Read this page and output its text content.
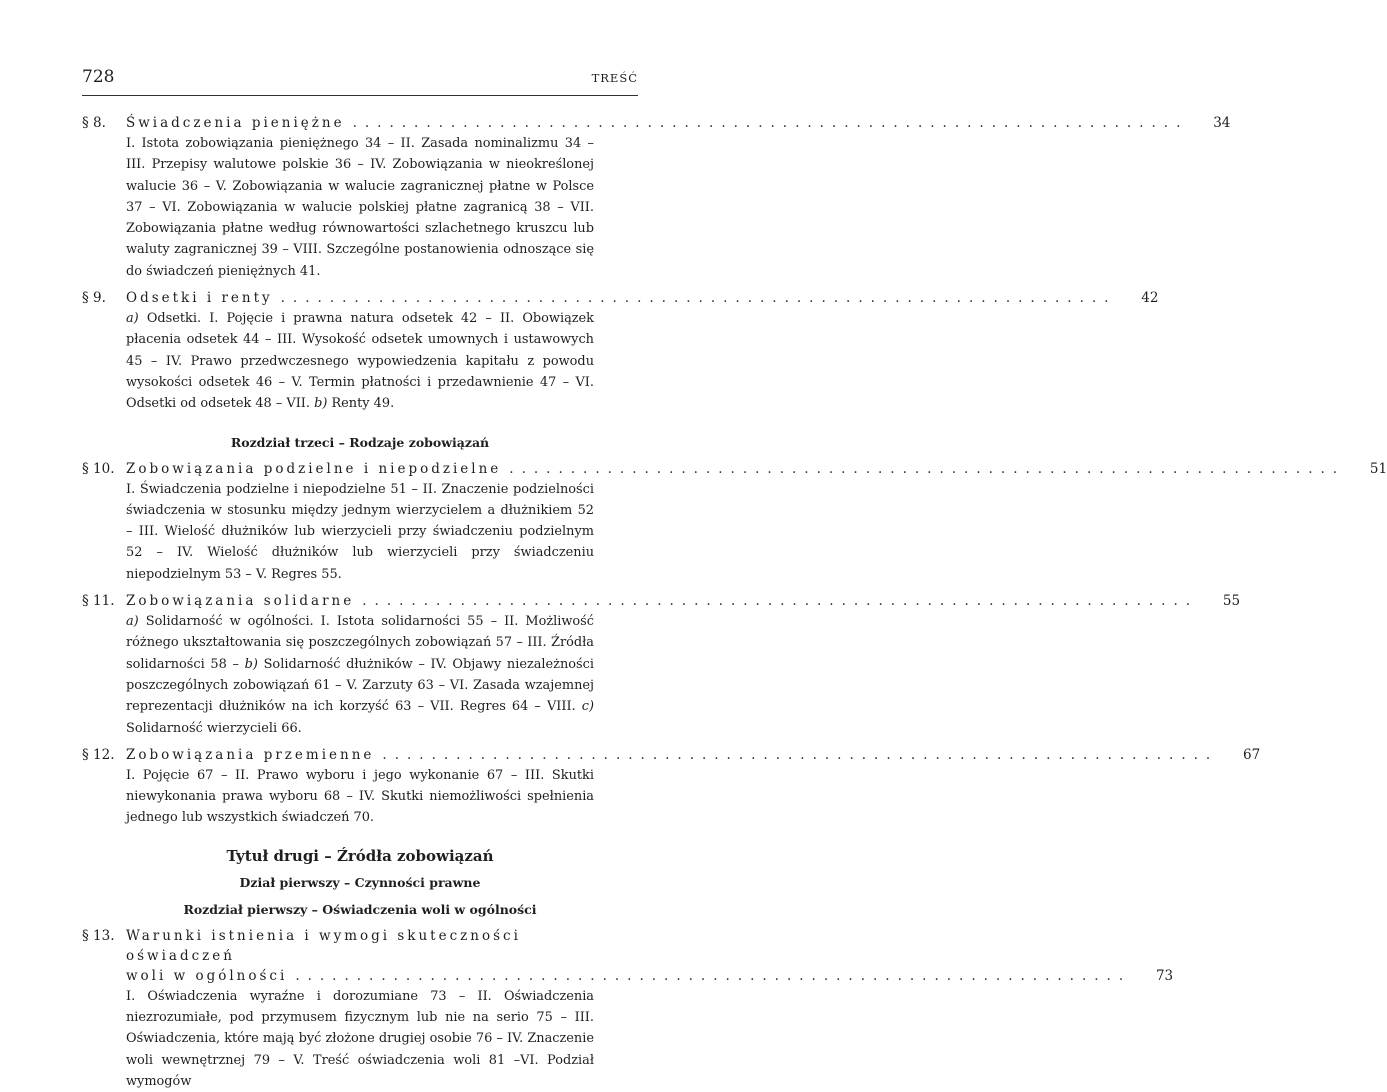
728	TREŚĆ
§ 8.	Świadczenia pieniężne ....................................................................	34
I. Istota zobowiązania pieniężnego 34 – II. Zasada nominalizmu 34 – III. Przepisy walutowe polskie 36 – IV. Zobowiązania w nieokreślonej walucie 36 – V. Zobowiązania w walucie zagranicznej płatne w Polsce 37 – VI. Zobowiązania w walucie polskiej płatne zagranicą 38 – VII. Zobowiązania płatne według równowartości szlachetnego kruszcu lub waluty zagranicznej 39 – VIII. Szczególne postanowienia odnoszące się do świadczeń pieniężnych 41.
§ 9.	Odsetki i renty ....................................................................	42
a) Odsetki. I. Pojęcie i prawna natura odsetek 42 – II. Obowiązek płacenia odsetek 44 – III. Wysokość odsetek umownych i ustawowych 45 – IV. Prawo przedwczesnego wypowiedzenia kapitału z powodu wysokości odsetek 46 – V. Termin płatności i przedawnienie 47 – VI. Odsetki od odsetek 48 – VII. b) Renty 49.
Rozdział trzeci – Rodzaje zobowiązań
§ 10. Zobowiązania podzielne i niepodzielne ....................................................................	51
I. Świadczenia podzielne i niepodzielne 51 – II. Znaczenie podzielności świadczenia w stosunku między jednym wierzycielem a dłużnikiem 52 – III. Wielość dłużników lub wierzycieli przy świadczeniu podzielnym 52 – IV. Wielość dłużników lub wierzycieli przy świadczeniu niepodzielnym 53 – V. Regres 55.
§ 11. Zobowiązania solidarne ....................................................................	55
a) Solidarność w ogólności. I. Istota solidarności 55 – II. Możliwość różnego ukształtowania się poszczególnych zobowiązań 57 – III. Źródła solidarności 58 – b) Solidarność dłużników – IV. Objawy niezależności poszczególnych zobowiązań 61 – V. Zarzuty 63 – VI. Zasada wzajemnej reprezentacji dłużników na ich korzyść 63 – VII. Regres 64 – VIII. c) Solidarność wierzycieli 66.
§ 12. Zobowiązania przemienne ....................................................................	67
I. Pojęcie 67 – II. Prawo wyboru i jego wykonanie 67 – III. Skutki niewykonania prawa wyboru 68 – IV. Skutki niemożliwości spełnienia jednego lub wszystkich świadczeń 70.
Tytuł drugi – Źródła zobowiązań
Dział pierwszy – Czynności prawne
Rozdział pierwszy – Oświadczenia woli w ogólności
§ 13. Warunki istnienia i wymogi skuteczności oświadczeń
woli w ogólności ....................................................................	73
I. Oświadczenia wyraźne i dorozumiane 73 – II. Oświadczenia niezrozumiałe, pod przymusem fizycznym lub nie na serio 75 – III. Oświadczenia, które mają być złożone drugiej osobie 76 – IV. Znaczenie woli wewnętrznej 79 – V. Treść oświadczenia woli 81 –VI. Podział wymogów
